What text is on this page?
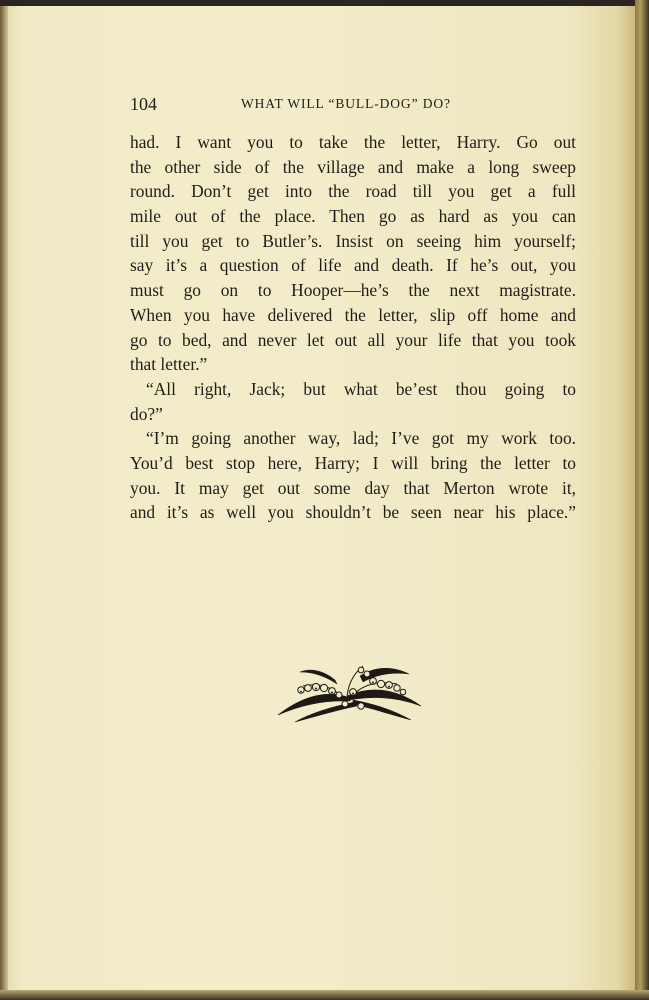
104	WHAT WILL “BULL-DOG” DO?
had. I want you to take the letter, Harry. Go out
the other side of the village and make a long sweep
round. Don’t get into the road till you get a full
mile out of the place. Then go as hard as you can
till you get to Butler’s. Insist on seeing him yourself;
say it’s a question of life and death. If he’s out, you
must go on to Hooper—he’s the next magistrate.
When you have delivered the letter, slip off home and
go to bed, and never let out all your life that you took
that letter.”
“All right, Jack; but what be’est thou going to
do?”
“I’m going another way, lad; I’ve got my work too.
You’d best stop here, Harry; I will bring the letter to
you. It may get out some day that Merton wrote it,
and it’s as well you shouldn’t be seen near his place.”
